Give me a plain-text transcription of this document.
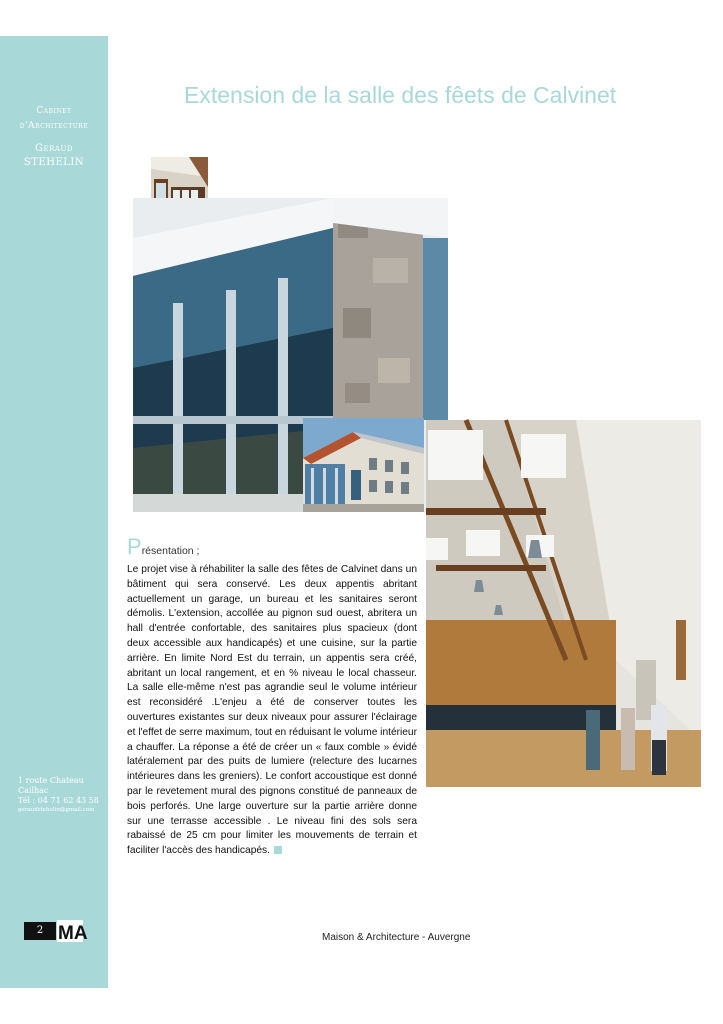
Cabinet
d'Architecture
Geraud
STEHELIN
1 route Chateau
Cailhac
Tél : 04 71 62 43 58
geraudstehelin@gmail.com
2 MA
Extension de la salle des fêets de Calvinet
Présentation ;

Le projet vise à réhabiliter la salle des fêtes de Calvinet dans un bâtiment qui sera conservé. Les deux appentis abritant actuellement un garage, un bureau et les sanitaires seront démolis. L'extension, accollée au pignon sud ouest, abritera un hall d'entrée confortable, des sanitaires plus spacieux (dont deux accessible aux handicapés) et une cuisine, sur la partie arrière. En limite Nord Est du terrain, un appentis sera créé, abritant un local rangement, et en % niveau le local chasseur. La salle elle-même n'est pas agrandie seul le volume intérieur est reconsidéré .L'enjeu a été de conserver toutes les ouvertures existantes sur deux niveaux pour assurer l'éclairage et l'effet de serre maximum, tout en réduisant le volume intérieur a chauffer. La réponse a été de créer un « faux comble » évidé latéralement par des puits de lumiere (relecture des lucarnes intérieures dans les greniers). Le confort accoustique est donné par le revetement mural des pignons constitué de panneaux de bois perforés. Une large ouverture sur la partie arrière donne sur une terrasse accessible . Le niveau fini des sols sera rabaissé de 25 cm pour limiter les mouvements de terrain et faciliter l'accès des handicapés.

Maison & Architecture - Auvergne
